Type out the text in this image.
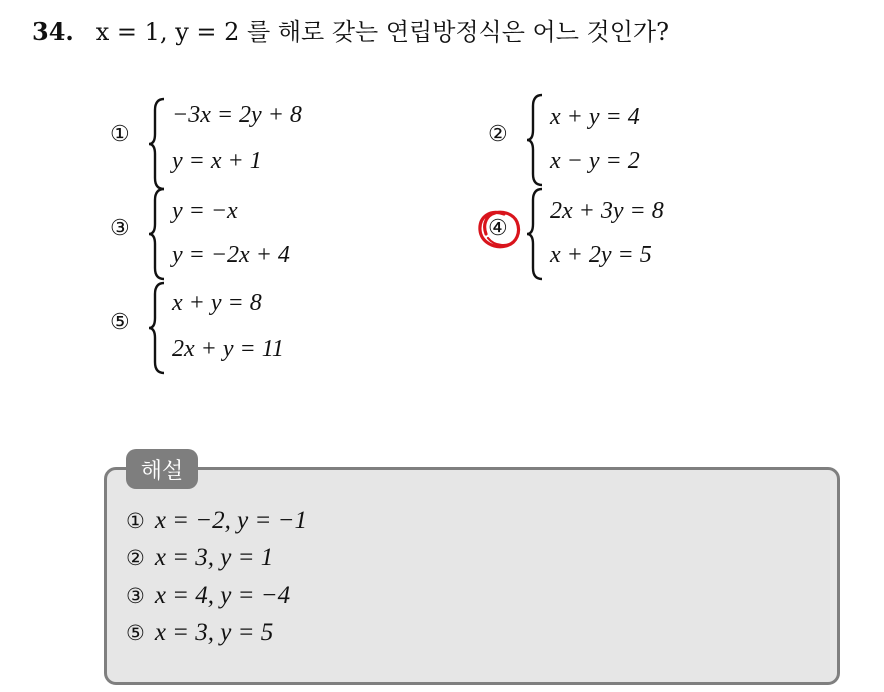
34. x = 1, y = 2 를 해로 갖는 연립방정식은 어느 것인가?
①
−3x = 2y + 8
y = x + 1
②
x + y = 4
x − y = 2
③
y = −x
y = −2x + 4
④
2x + 3y = 8
x + 2y = 5
⑤
x + y = 8
2x + y = 11
해설
① x = −2, y = −1
② x = 3, y = 1
③ x = 4, y = −4
⑤ x = 3, y = 5
